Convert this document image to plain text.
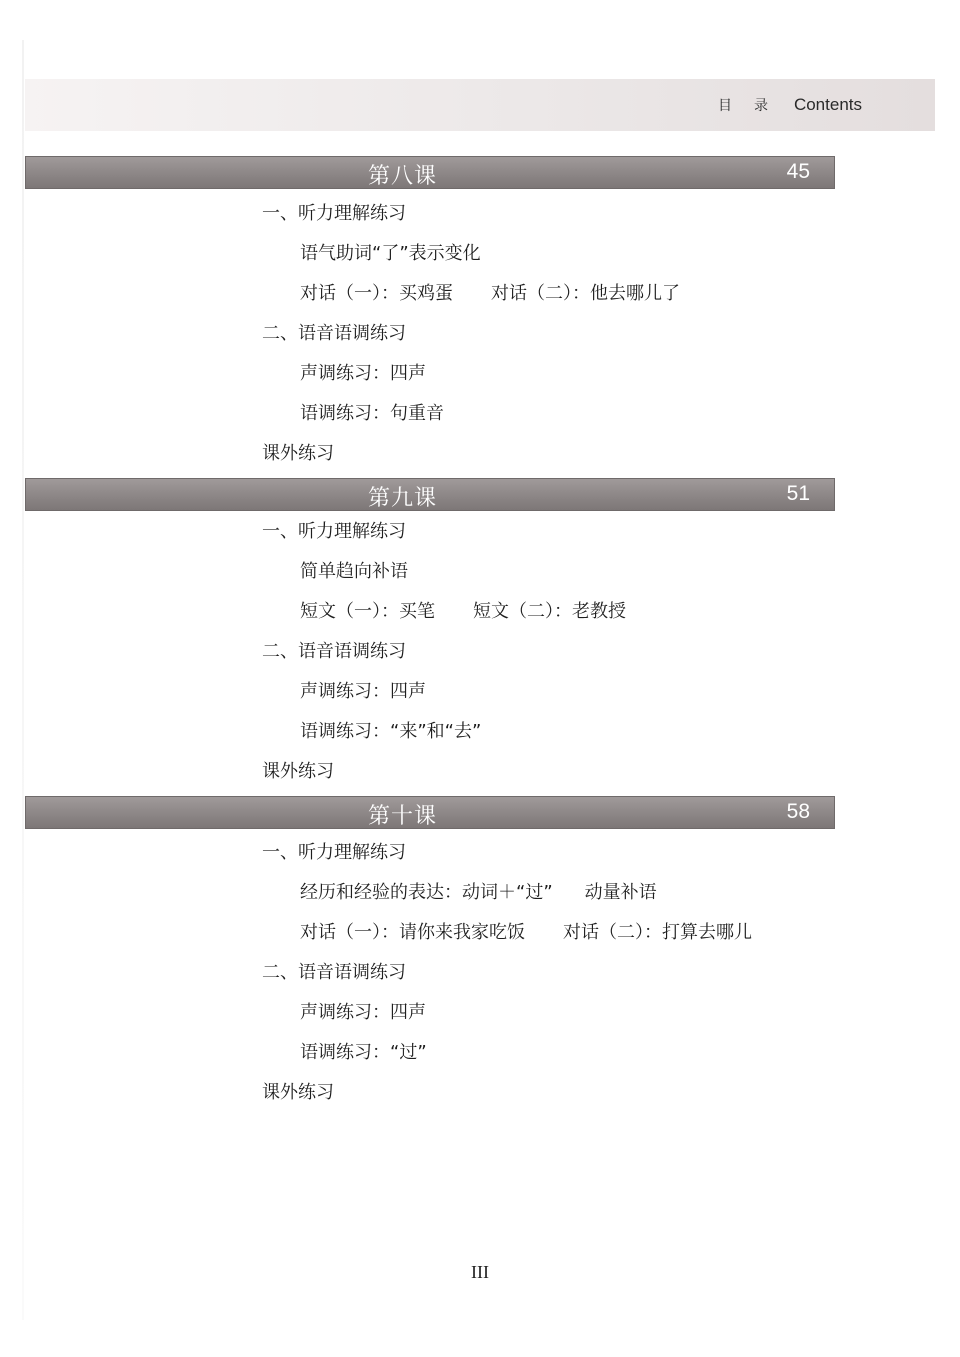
目录 Contents
第八课	45
一、听力理解练习
语气助词“了”表示变化
对话（一）：买鸡蛋 对话（二）：他去哪儿了
二、语音语调练习
声调练习：四声
语调练习：句重音
课外练习
第九课	51
一、听力理解练习
简单趋向补语
短文（一）：买笔 短文（二）：老教授
二、语音语调练习
声调练习：四声
语调练习：“来”和“去”
课外练习
第十课	58
一、听力理解练习
经历和经验的表达：动词＋“过” 动量补语
对话（一）：请你来我家吃饭 对话（二）：打算去哪儿
二、语音语调练习
声调练习：四声
语调练习：“过”
课外练习
III
